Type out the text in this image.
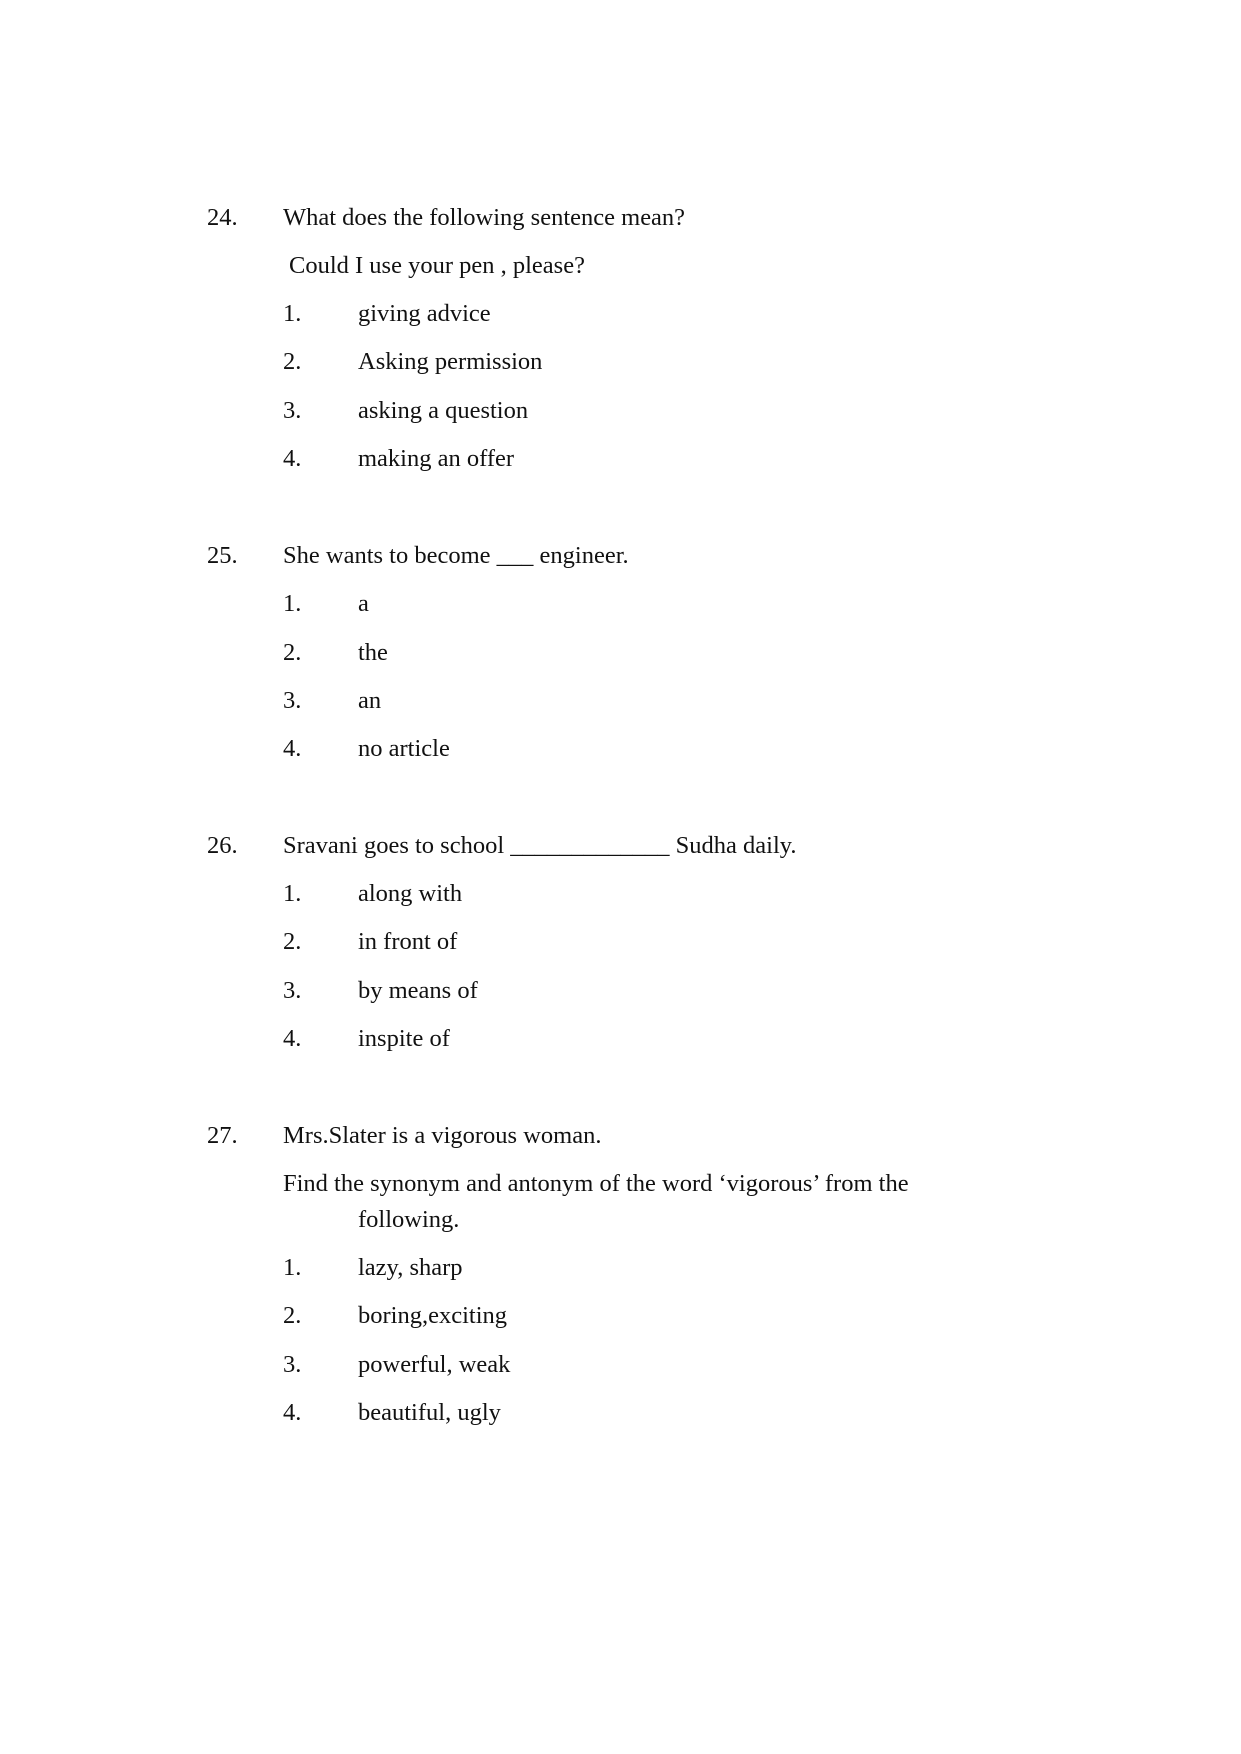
24. What does the following sentence mean?
Could I use your pen , please?
1. giving advice
2. Asking permission
3. asking a question
4. making an offer
25. She wants to become ___ engineer.
1. a
2. the
3. an
4. no article
26. Sravani goes to school _____________ Sudha daily.
1. along with
2. in front of
3. by means of
4. inspite of
27. Mrs.Slater is a vigorous woman.
Find the synonym and antonym of the word ‘vigorous’ from the
following.
1. lazy, sharp
2. boring,exciting
3. powerful, weak
4. beautiful, ugly
